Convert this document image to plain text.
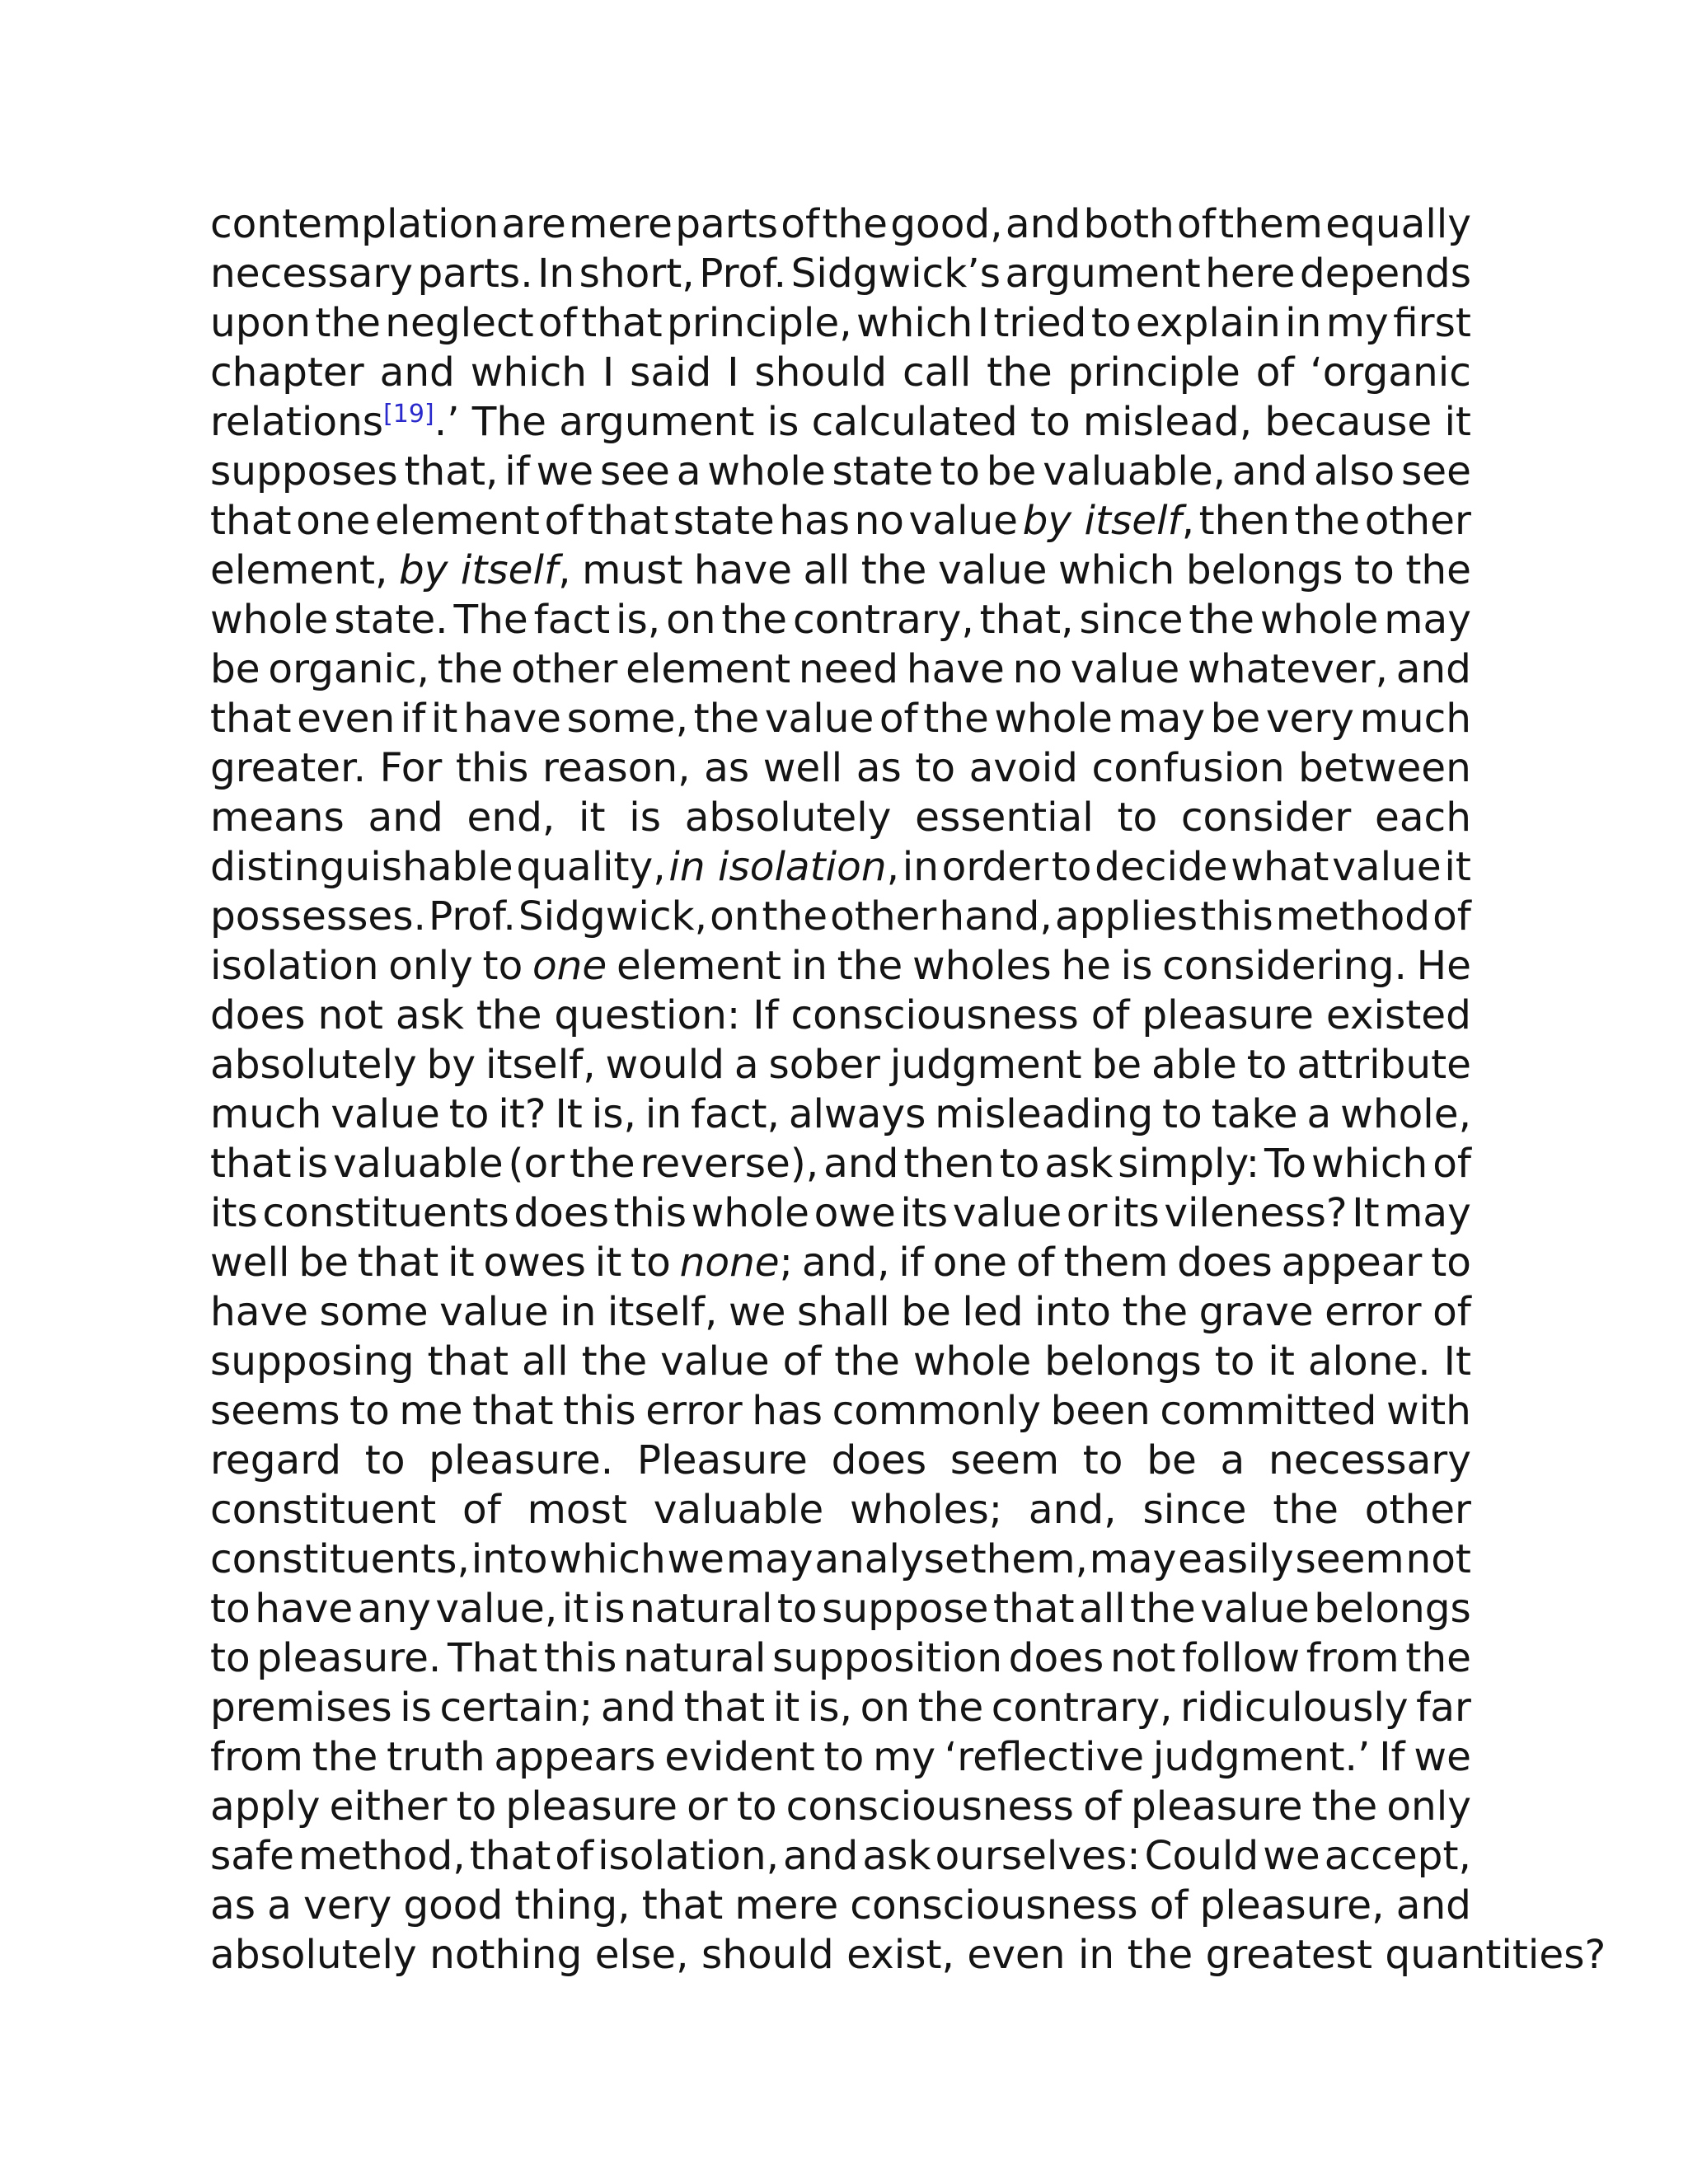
contemplation are mere parts of the good, and both of them equally
necessary parts. In short, Prof. Sidgwick’s argument here depends
upon the neglect of that principle, which I tried to explain in my first
chapter and which I said I should call the principle of ‘organic
relations[19].’ The argument is calculated to mislead, because it
supposes that, if we see a whole state to be valuable, and also see
that one element of that state has no value by itself, then the other
element, by itself, must have all the value which belongs to the
whole state. The fact is, on the contrary, that, since the whole may
be organic, the other element need have no value whatever, and
that even if it have some, the value of the whole may be very much
greater. For this reason, as well as to avoid confusion between
means and end, it is absolutely essential to consider each
distinguishable quality, in isolation, in order to decide what value it
possesses. Prof. Sidgwick, on the other hand, applies this method of
isolation only to one element in the wholes he is considering. He
does not ask the question: If consciousness of pleasure existed
absolutely by itself, would a sober judgment be able to attribute
much value to it? It is, in fact, always misleading to take a whole,
that is valuable (or the reverse), and then to ask simply: To which of
its constituents does this whole owe its value or its vileness? It may
well be that it owes it to none; and, if one of them does appear to
have some value in itself, we shall be led into the grave error of
supposing that all the value of the whole belongs to it alone. It
seems to me that this error has commonly been committed with
regard to pleasure. Pleasure does seem to be a necessary
constituent of most valuable wholes; and, since the other
constituents, into which we may analyse them, may easily seem not
to have any value, it is natural to suppose that all the value belongs
to pleasure. That this natural supposition does not follow from the
premises is certain; and that it is, on the contrary, ridiculously far
from the truth appears evident to my ‘reflective judgment.’ If we
apply either to pleasure or to consciousness of pleasure the only
safe method, that of isolation, and ask ourselves: Could we accept,
as a very good thing, that mere consciousness of pleasure, and
absolutely nothing else, should exist, even in the greatest quantities?
